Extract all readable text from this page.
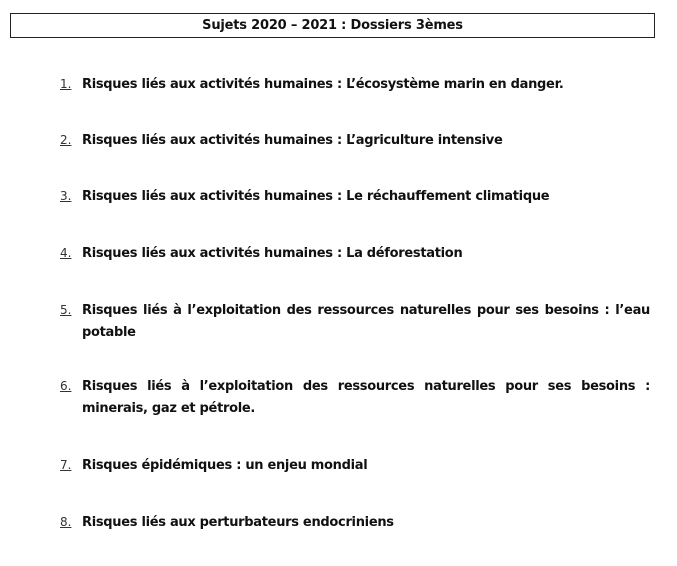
Sujets 2020 – 2021 : Dossiers 3èmes
1. Risques liés aux activités humaines : L’écosystème marin en danger.
2. Risques liés aux activités humaines : L’agriculture intensive
3. Risques liés aux activités humaines : Le réchauffement climatique
4. Risques liés aux activités humaines : La déforestation
5. Risques liés à l’exploitation des ressources naturelles pour ses besoins : l’eau potable
6. Risques liés à l’exploitation des ressources naturelles pour ses besoins : minerais, gaz et pétrole.
7. Risques épidémiques : un enjeu mondial
8. Risques liés aux perturbateurs endocriniens
